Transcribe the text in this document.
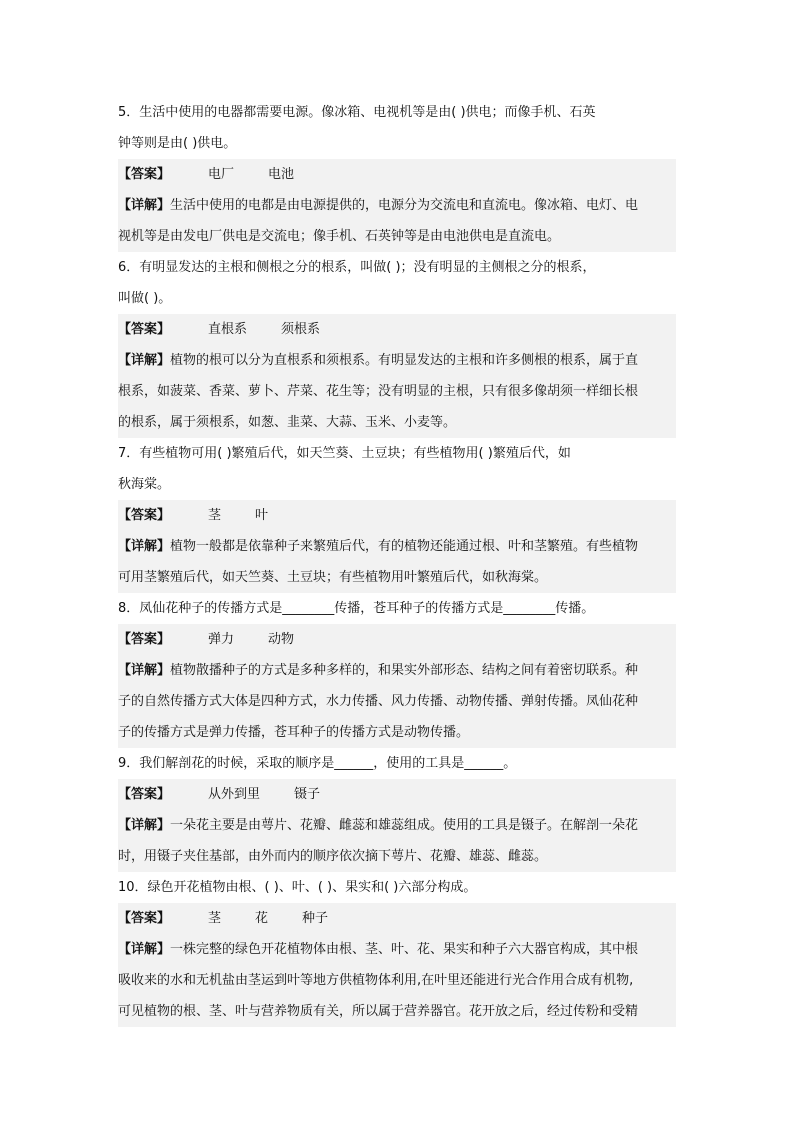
5．生活中使用的电器都需要电源。像冰箱、电视机等是由( )供电；而像手机、石英
钟等则是由( )供电。
【答案】	电厂	电池
【详解】生活中使用的电都是由电源提供的，电源分为交流电和直流电。像冰箱、电灯、电
视机等是由发电厂供电是交流电；像手机、石英钟等是由电池供电是直流电。
6．有明显发达的主根和侧根之分的根系，叫做( )；没有明显的主侧根之分的根系，
叫做( )。
【答案】	直根系	须根系
【详解】植物的根可以分为直根系和须根系。有明显发达的主根和许多侧根的根系，属于直
根系，如菠菜、香菜、萝卜、芹菜、花生等；没有明显的主根，只有很多像胡须一样细长根
的根系，属于须根系，如葱、韭菜、大蒜、玉米、小麦等。
7．有些植物可用( )繁殖后代，如天竺葵、土豆块；有些植物用( )繁殖后代，如
秋海棠。
【答案】	茎	叶
【详解】植物一般都是依靠种子来繁殖后代，有的植物还能通过根、叶和茎繁殖。有些植物
可用茎繁殖后代，如天竺葵、土豆块；有些植物用叶繁殖后代，如秋海棠。
8．凤仙花种子的传播方式是________传播，苍耳种子的传播方式是________传播。
【答案】	弹力	动物
【详解】植物散播种子的方式是多种多样的，和果实外部形态、结构之间有着密切联系。种
子的自然传播方式大体是四种方式，水力传播、风力传播、动物传播、弹射传播。凤仙花种
子的传播方式是弹力传播，苍耳种子的传播方式是动物传播。
9．我们解剖花的时候，采取的顺序是______，使用的工具是______。
【答案】	从外到里	镊子
【详解】一朵花主要是由萼片、花瓣、雌蕊和雄蕊组成。使用的工具是镊子。在解剖一朵花
时，用镊子夹住基部，由外而内的顺序依次摘下萼片、花瓣、雄蕊、雌蕊。
10．绿色开花植物由根、( )、叶、( )、果实和( )六部分构成。
【答案】	茎	花	种子
【详解】一株完整的绿色开花植物体由根、茎、叶、花、果实和种子六大器官构成，其中根
吸收来的水和无机盐由茎运到叶等地方供植物体利用,在叶里还能进行光合作用合成有机物,
可见植物的根、茎、叶与营养物质有关，所以属于营养器官。花开放之后，经过传粉和受精
